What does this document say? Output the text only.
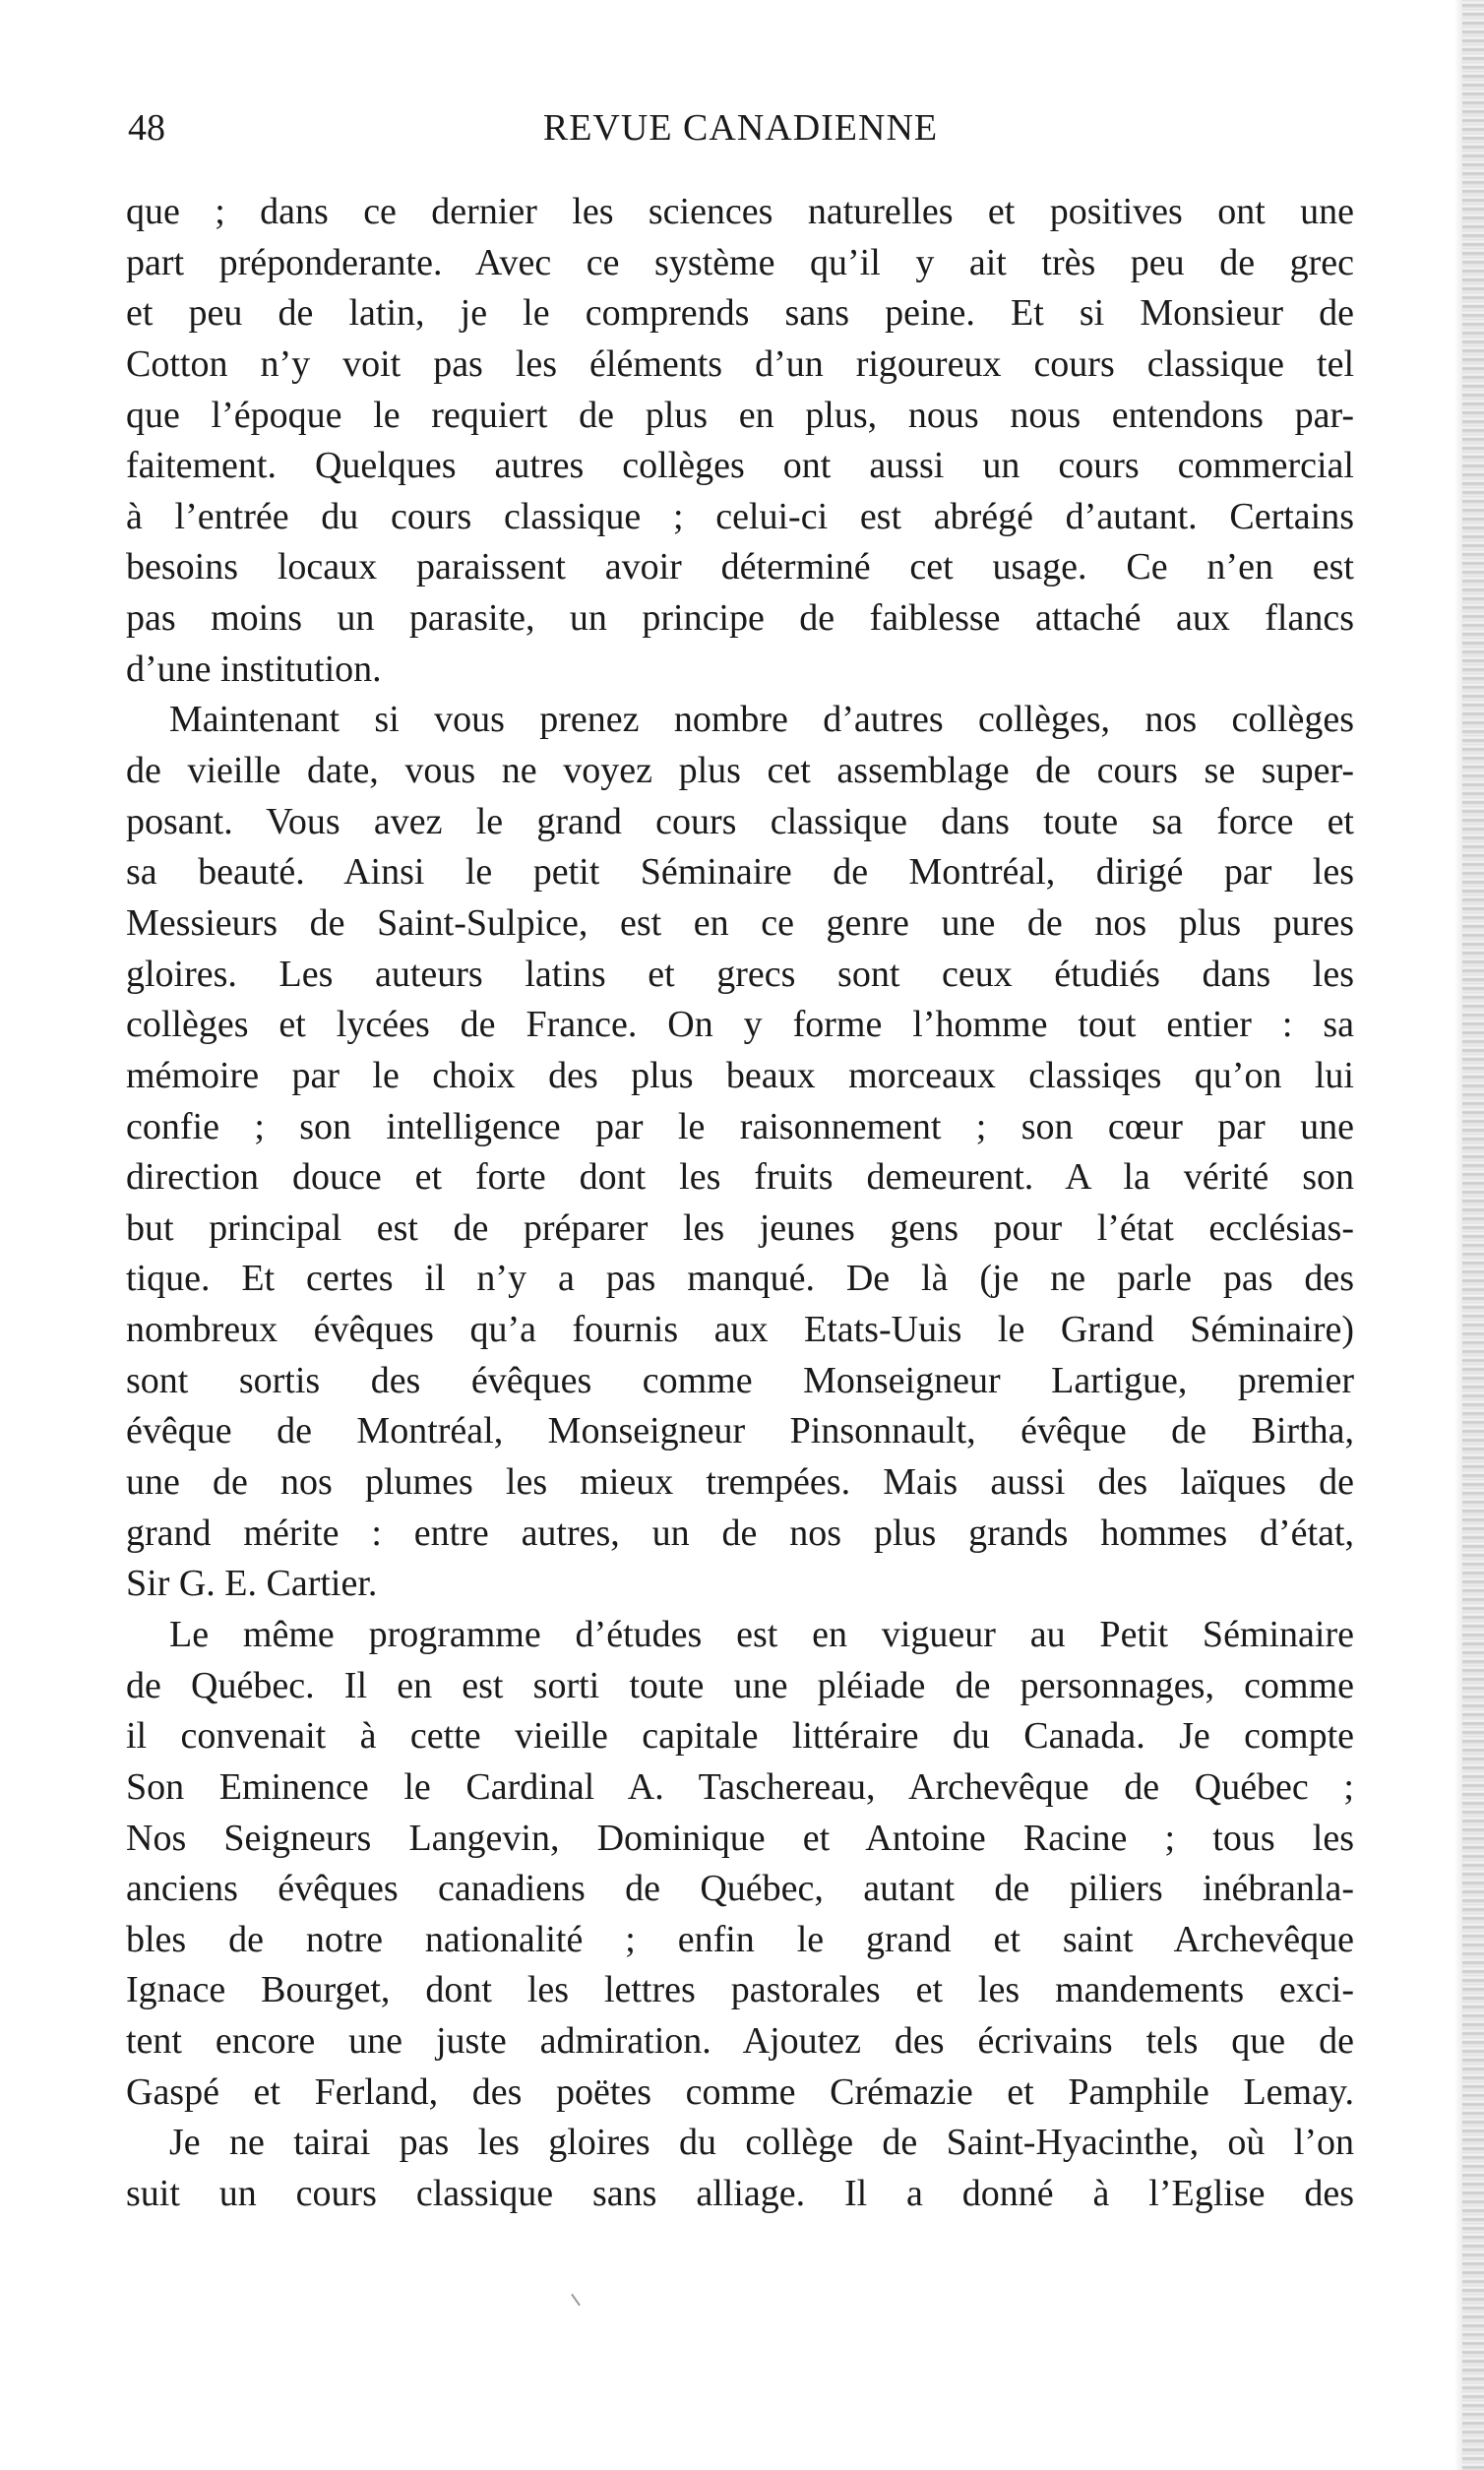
48	REVUE CANADIENNE
que ; dans ce dernier les sciences naturelles et positives ont une
part préponderante. Avec ce système qu’il y ait très peu de grec
et peu de latin, je le comprends sans peine. Et si Monsieur de
Cotton n’y voit pas les éléments d’un rigoureux cours classique tel
que l’époque le requiert de plus en plus, nous nous entendons par-
faitement. Quelques autres collèges ont aussi un cours commercial
à l’entrée du cours classique ; celui-ci est abrégé d’autant. Certains
besoins locaux paraissent avoir déterminé cet usage. Ce n’en est
pas moins un parasite, un principe de faiblesse attaché aux flancs
d’une institution.
Maintenant si vous prenez nombre d’autres collèges, nos collèges
de vieille date, vous ne voyez plus cet assemblage de cours se super-
posant. Vous avez le grand cours classique dans toute sa force et
sa beauté. Ainsi le petit Séminaire de Montréal, dirigé par les
Messieurs de Saint-Sulpice, est en ce genre une de nos plus pures
gloires. Les auteurs latins et grecs sont ceux étudiés dans les
collèges et lycées de France. On y forme l’homme tout entier : sa
mémoire par le choix des plus beaux morceaux classiqes qu’on lui
confie ; son intelligence par le raisonnement ; son cœur par une
direction douce et forte dont les fruits demeurent. A la vérité son
but principal est de préparer les jeunes gens pour l’état ecclésias-
tique. Et certes il n’y a pas manqué. De là (je ne parle pas des
nombreux évêques qu’a fournis aux Etats-Uuis le Grand Séminaire)
sont sortis des évêques comme Monseigneur Lartigue, premier
évêque de Montréal, Monseigneur Pinsonnault, évêque de Birtha,
une de nos plumes les mieux trempées. Mais aussi des laïques de
grand mérite : entre autres, un de nos plus grands hommes d’état,
Sir G. E. Cartier.
Le même programme d’études est en vigueur au Petit Séminaire
de Québec. Il en est sorti toute une pléiade de personnages, comme
il convenait à cette vieille capitale littéraire du Canada. Je compte
Son Eminence le Cardinal A. Taschereau, Archevêque de Québec ;
Nos Seigneurs Langevin, Dominique et Antoine Racine ; tous les
anciens évêques canadiens de Québec, autant de piliers inébranla-
bles de notre nationalité ; enfin le grand et saint Archevêque
Ignace Bourget, dont les lettres pastorales et les mandements exci-
tent encore une juste admiration. Ajoutez des écrivains tels que de
Gaspé et Ferland, des poëtes comme Crémazie et Pamphile Lemay.
Je ne tairai pas les gloires du collège de Saint-Hyacinthe, où l’on
suit un cours classique sans alliage. Il a donné à l’Eglise des
